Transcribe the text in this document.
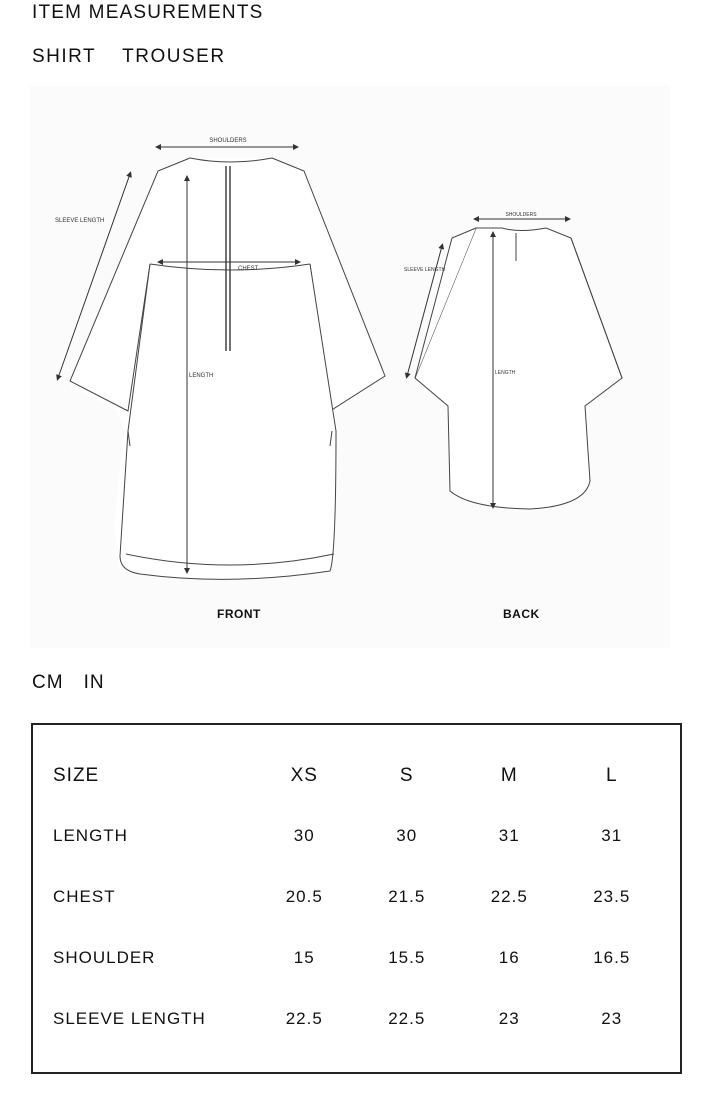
ITEM MEASUREMENTS
SHIRT TROUSER
SHOULDERS
SLEEVE LENGTH
CHEST
LENGTH
SHOULDERS
SLEEVE LENGTH
LENGTH
FRONT	BACK
CM IN
SIZE	XS	S	M	L
LENGTH	30	30	31	31
CHEST	20.5	21.5	22.5	23.5
SHOULDER	15	15.5	16	16.5
SLEEVE LENGTH	22.5	22.5	23	23
